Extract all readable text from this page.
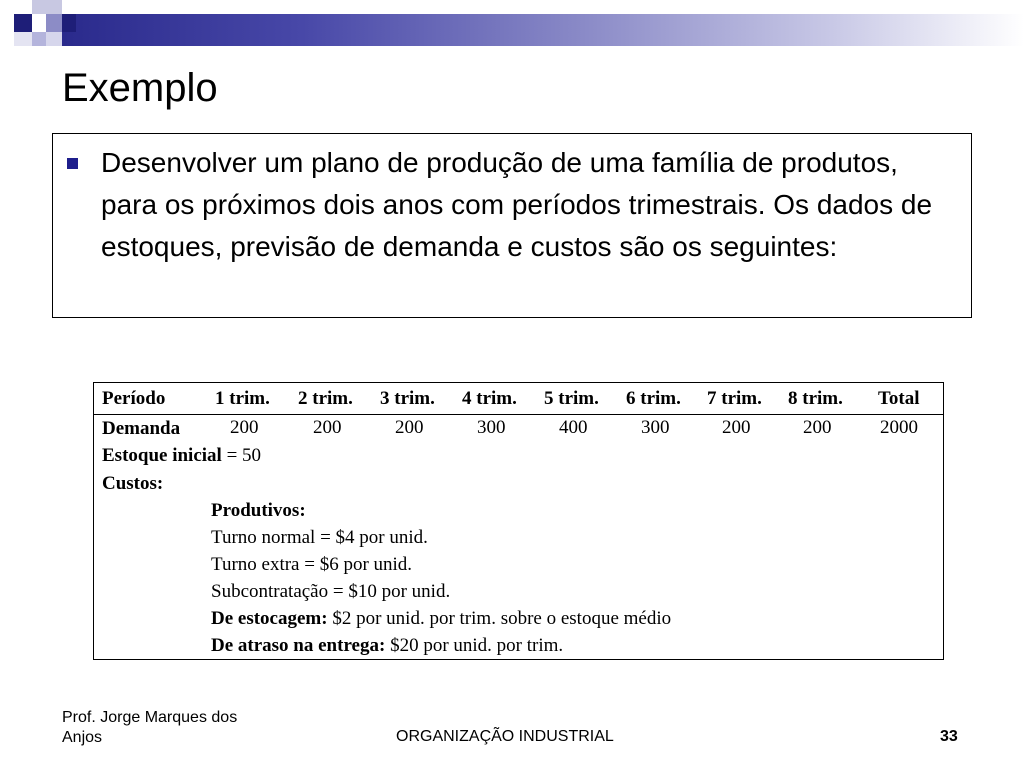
Exemplo
Desenvolver um plano de produção de uma família de produtos, para os próximos dois anos com períodos trimestrais. Os dados de estoques, previsão de demanda e custos são os seguintes:
Período	1 trim. 2 trim. 3 trim. 4 trim. 5 trim. 6 trim. 7 trim. 8 trim. Total
Demanda	200	200	200	300	400	300	200	200	2000
Estoque inicial = 50
Custos:
Produtivos:
Turno normal = $4 por unid.
Turno extra = $6 por unid.
Subcontratação = $10 por unid.
De estocagem: $2 por unid. por trim. sobre o estoque médio
De atraso na entrega: $20 por unid. por trim.
Prof. Jorge Marques dos Anjos	ORGANIZAÇÃO INDUSTRIAL	33
